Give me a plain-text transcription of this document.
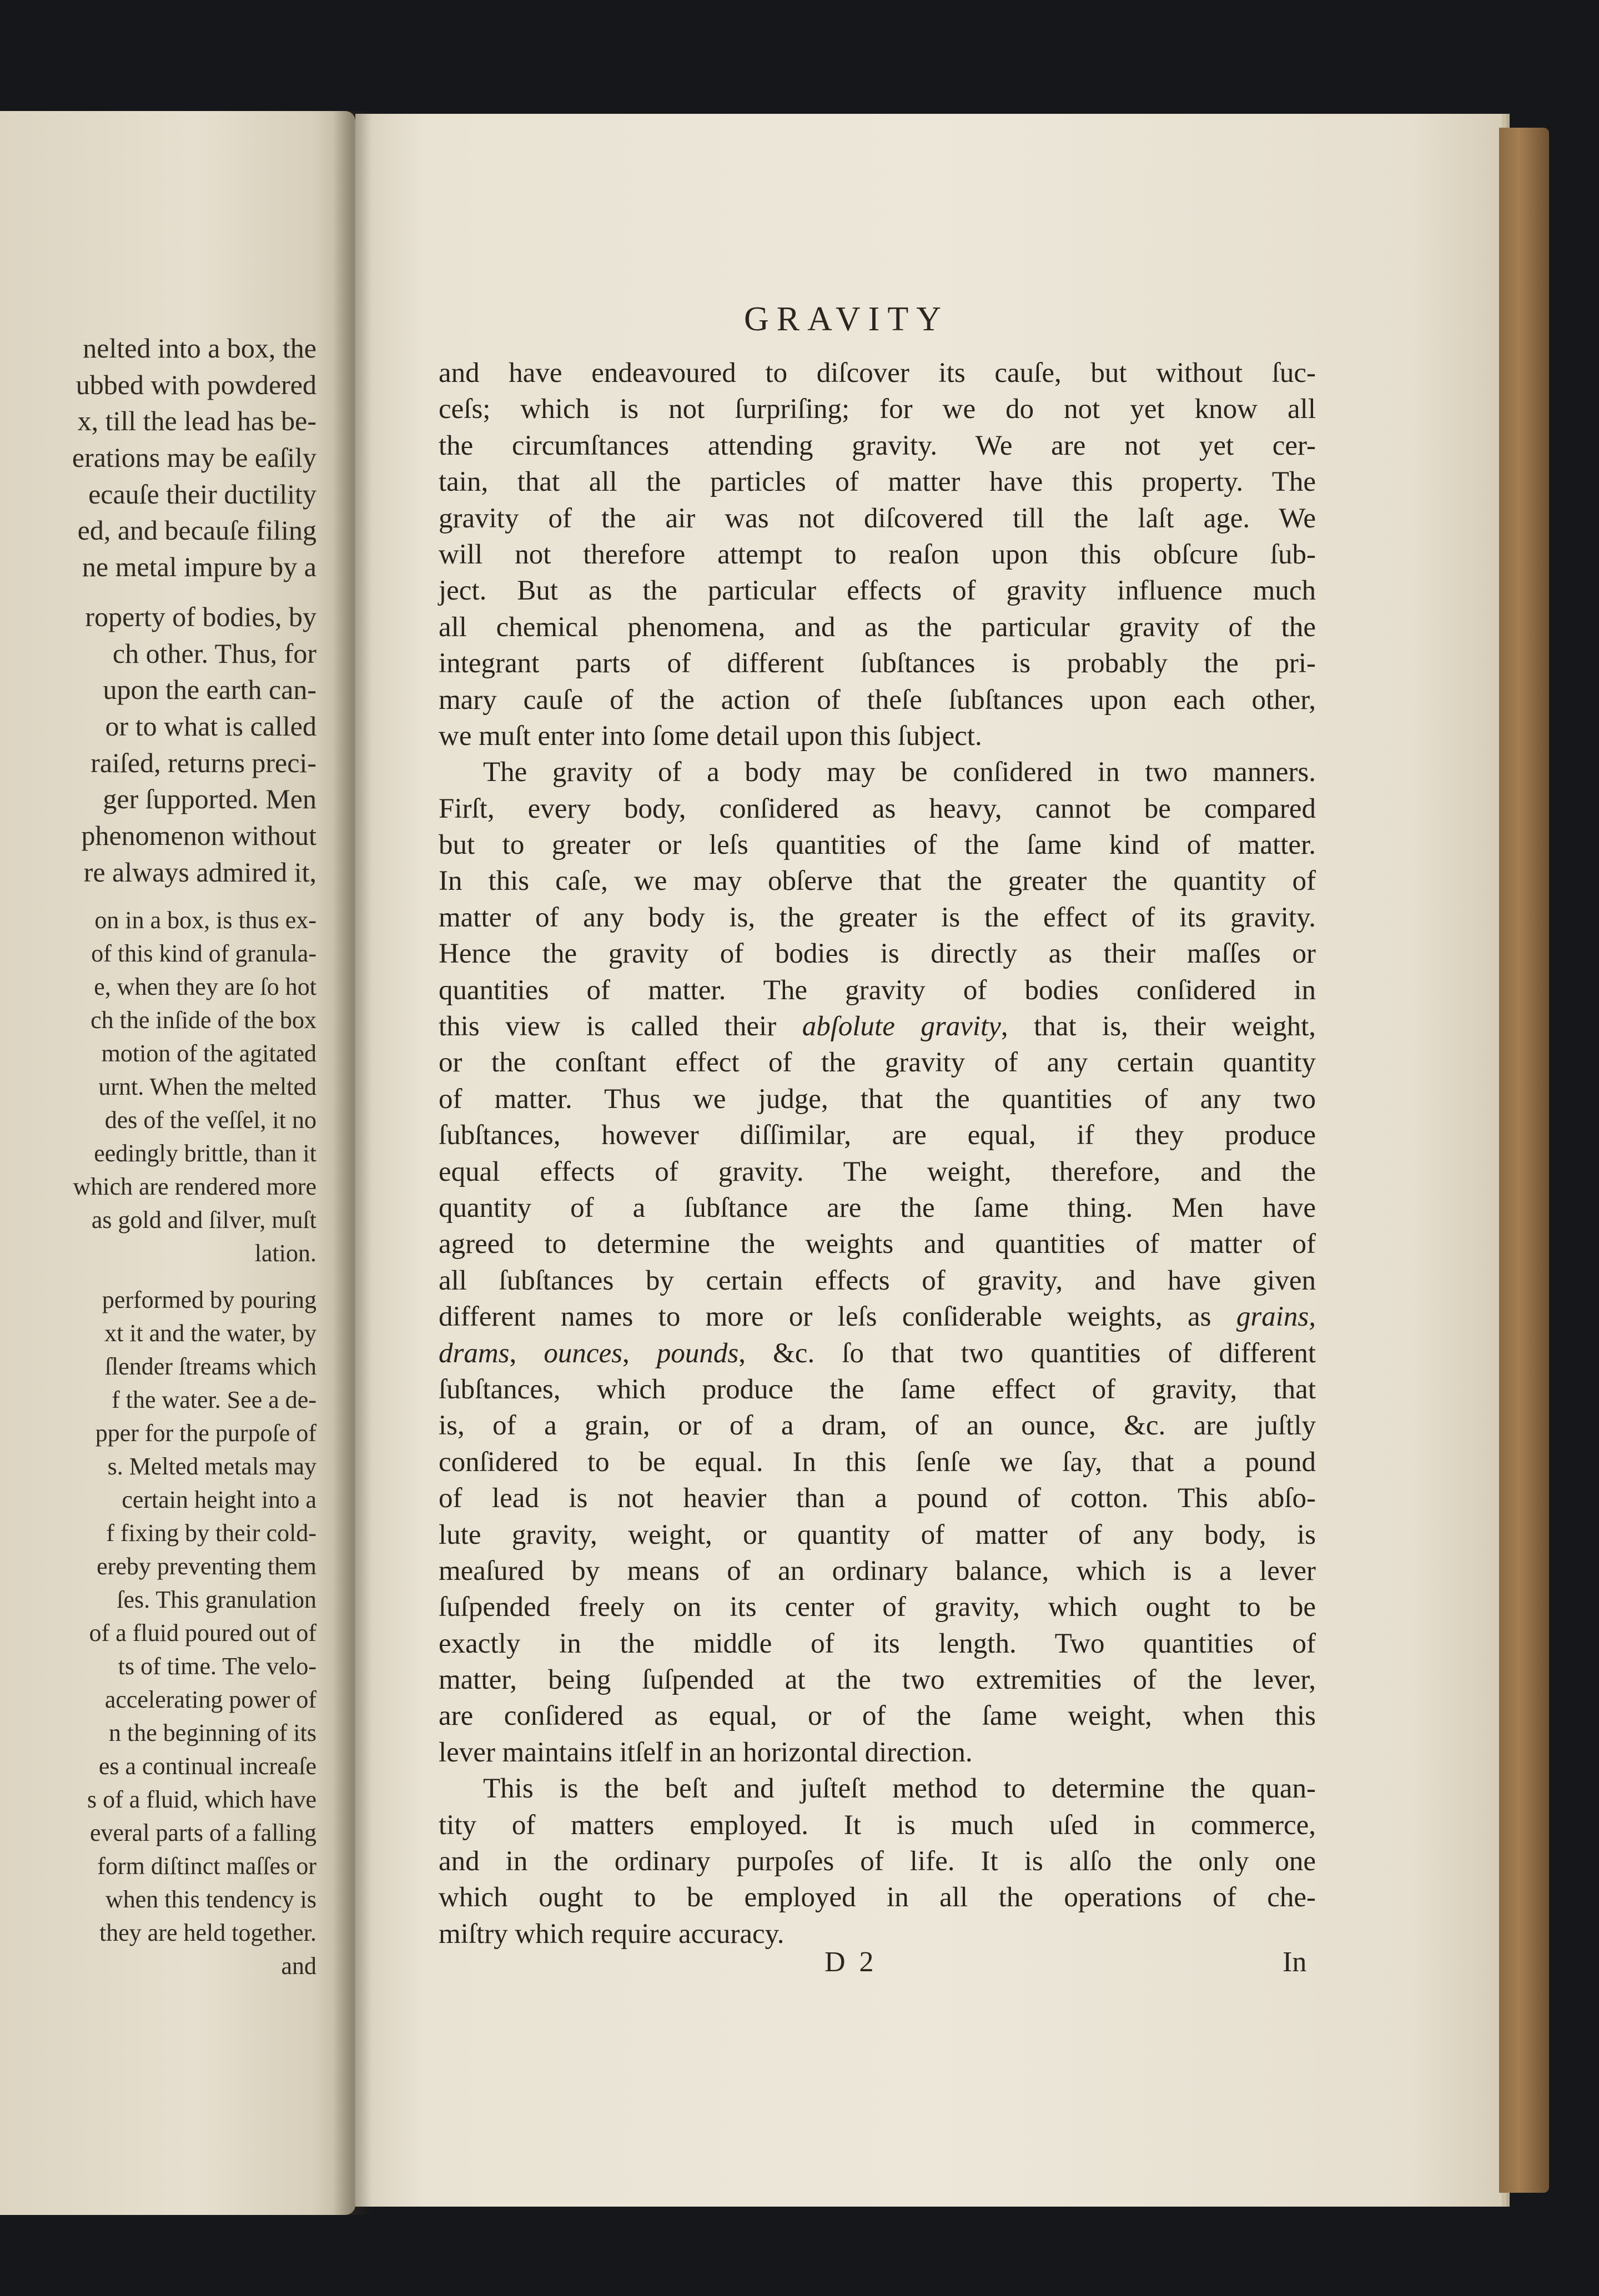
nelted into a box, the
ubbed with powdered
x, till the lead has be-
erations may be eaſily
ecauſe their ductility
ed, and becauſe filing
ne metal impure by a
roperty of bodies, by
ch other. Thus, for
upon the earth can-
or to what is called
raiſed, returns preci-
ger ſupported. Men
phenomenon without
re always admired it,
on in a box, is thus ex-
of this kind of granula-
e, when they are ſo hot
ch the inſide of the box
motion of the agitated
urnt. When the melted
des of the veſſel, it no
eedingly brittle, than it
which are rendered more
as gold and ſilver, muſt
lation.
performed by pouring
xt it and the water, by
ſlender ſtreams which
f the water. See a de-
pper for the purpoſe of
s. Melted metals may
certain height into a
f fixing by their cold-
ereby preventing them
ſes. This granulation
of a fluid poured out of
ts of time. The velo-
accelerating power of
n the beginning of its
es a continual increaſe
s of a fluid, which have
everal parts of a falling
form diſtinct maſſes or
when this tendency is
they are held together.
and
GRAVITY
and have endeavoured to diſcover its cauſe, but without ſuc-
ceſs; which is not ſurpriſing; for we do not yet know all
the circumſtances attending gravity. We are not yet cer-
tain, that all the particles of matter have this property. The
gravity of the air was not diſcovered till the laſt age. We
will not therefore attempt to reaſon upon this obſcure ſub-
ject. But as the particular effects of gravity influence much
all chemical phenomena, and as the particular gravity of the
integrant parts of different ſubſtances is probably the pri-
mary cauſe of the action of theſe ſubſtances upon each other,
we muſt enter into ſome detail upon this ſubject.
The gravity of a body may be conſidered in two manners.
Firſt, every body, conſidered as heavy, cannot be compared
but to greater or leſs quantities of the ſame kind of matter.
In this caſe, we may obſerve that the greater the quantity of
matter of any body is, the greater is the effect of its gravity.
Hence the gravity of bodies is directly as their maſſes or
quantities of matter. The gravity of bodies conſidered in
this view is called their abſolute gravity, that is, their weight,
or the conſtant effect of the gravity of any certain quantity
of matter. Thus we judge, that the quantities of any two
ſubſtances, however diſſimilar, are equal, if they produce
equal effects of gravity. The weight, therefore, and the
quantity of a ſubſtance are the ſame thing. Men have
agreed to determine the weights and quantities of matter of
all ſubſtances by certain effects of gravity, and have given
different names to more or leſs conſiderable weights, as grains,
drams, ounces, pounds, &c. ſo that two quantities of different
ſubſtances, which produce the ſame effect of gravity, that
is, of a grain, or of a dram, of an ounce, &c. are juſtly
conſidered to be equal. In this ſenſe we ſay, that a pound
of lead is not heavier than a pound of cotton. This abſo-
lute gravity, weight, or quantity of matter of any body, is
meaſured by means of an ordinary balance, which is a lever
ſuſpended freely on its center of gravity, which ought to be
exactly in the middle of its length. Two quantities of
matter, being ſuſpended at the two extremities of the lever,
are conſidered as equal, or of the ſame weight, when this
lever maintains itſelf in an horizontal direction.
This is the beſt and juſteſt method to determine the quan-
tity of matters employed. It is much uſed in commerce,
and in the ordinary purpoſes of life. It is alſo the only one
which ought to be employed in all the operations of che-
miſtry which require accuracy.
D 2	In
